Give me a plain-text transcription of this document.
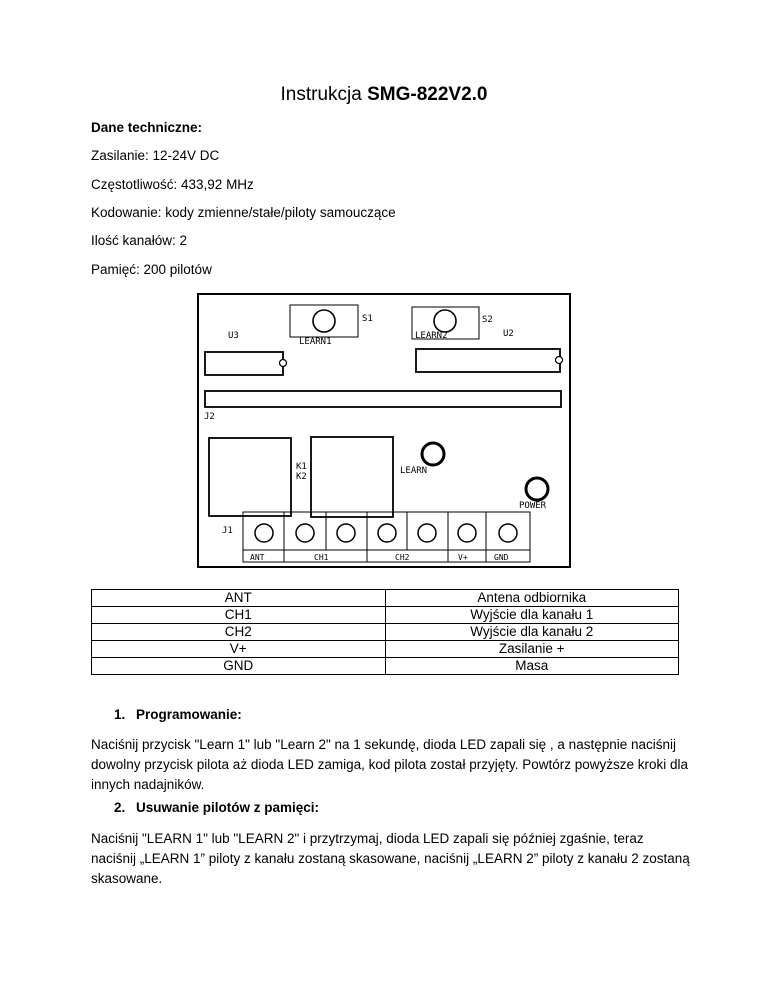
Instrukcja SMG-822V2.0
Dane techniczne:
Zasilanie: 12-24V DC
Częstotliwość: 433,92 MHz
Kodowanie: kody zmienne/stałe/piloty samouczące
Ilość kanałów: 2
Pamięć: 200 pilotów
S1
LEARN1
S2
LEARN2
U3	U2
J2
K1
K2
LEARN
POWER
J1
ANT	CH1	CH2	V+	GND
ANT	Antena odbiornika
CH1	Wyjście dla kanału 1
CH2	Wyjście dla kanału 2
V+	Zasilanie +
GND	Masa
1. Programowanie:
Naciśnij przycisk "Learn 1" lub "Learn 2" na 1 sekundę, dioda LED zapali się , a następnie naciśnij dowolny przycisk pilota aż dioda LED zamiga, kod pilota został przyjęty. Powtórz powyższe kroki dla innych nadajników.
2. Usuwanie pilotów z pamięci:
Naciśnij "LEARN 1" lub "LEARN 2" i przytrzymaj, dioda LED zapali się później zgaśnie, teraz naciśnij „LEARN 1” piloty z kanału zostaną skasowane, naciśnij „LEARN 2” piloty z kanału 2 zostaną skasowane.
